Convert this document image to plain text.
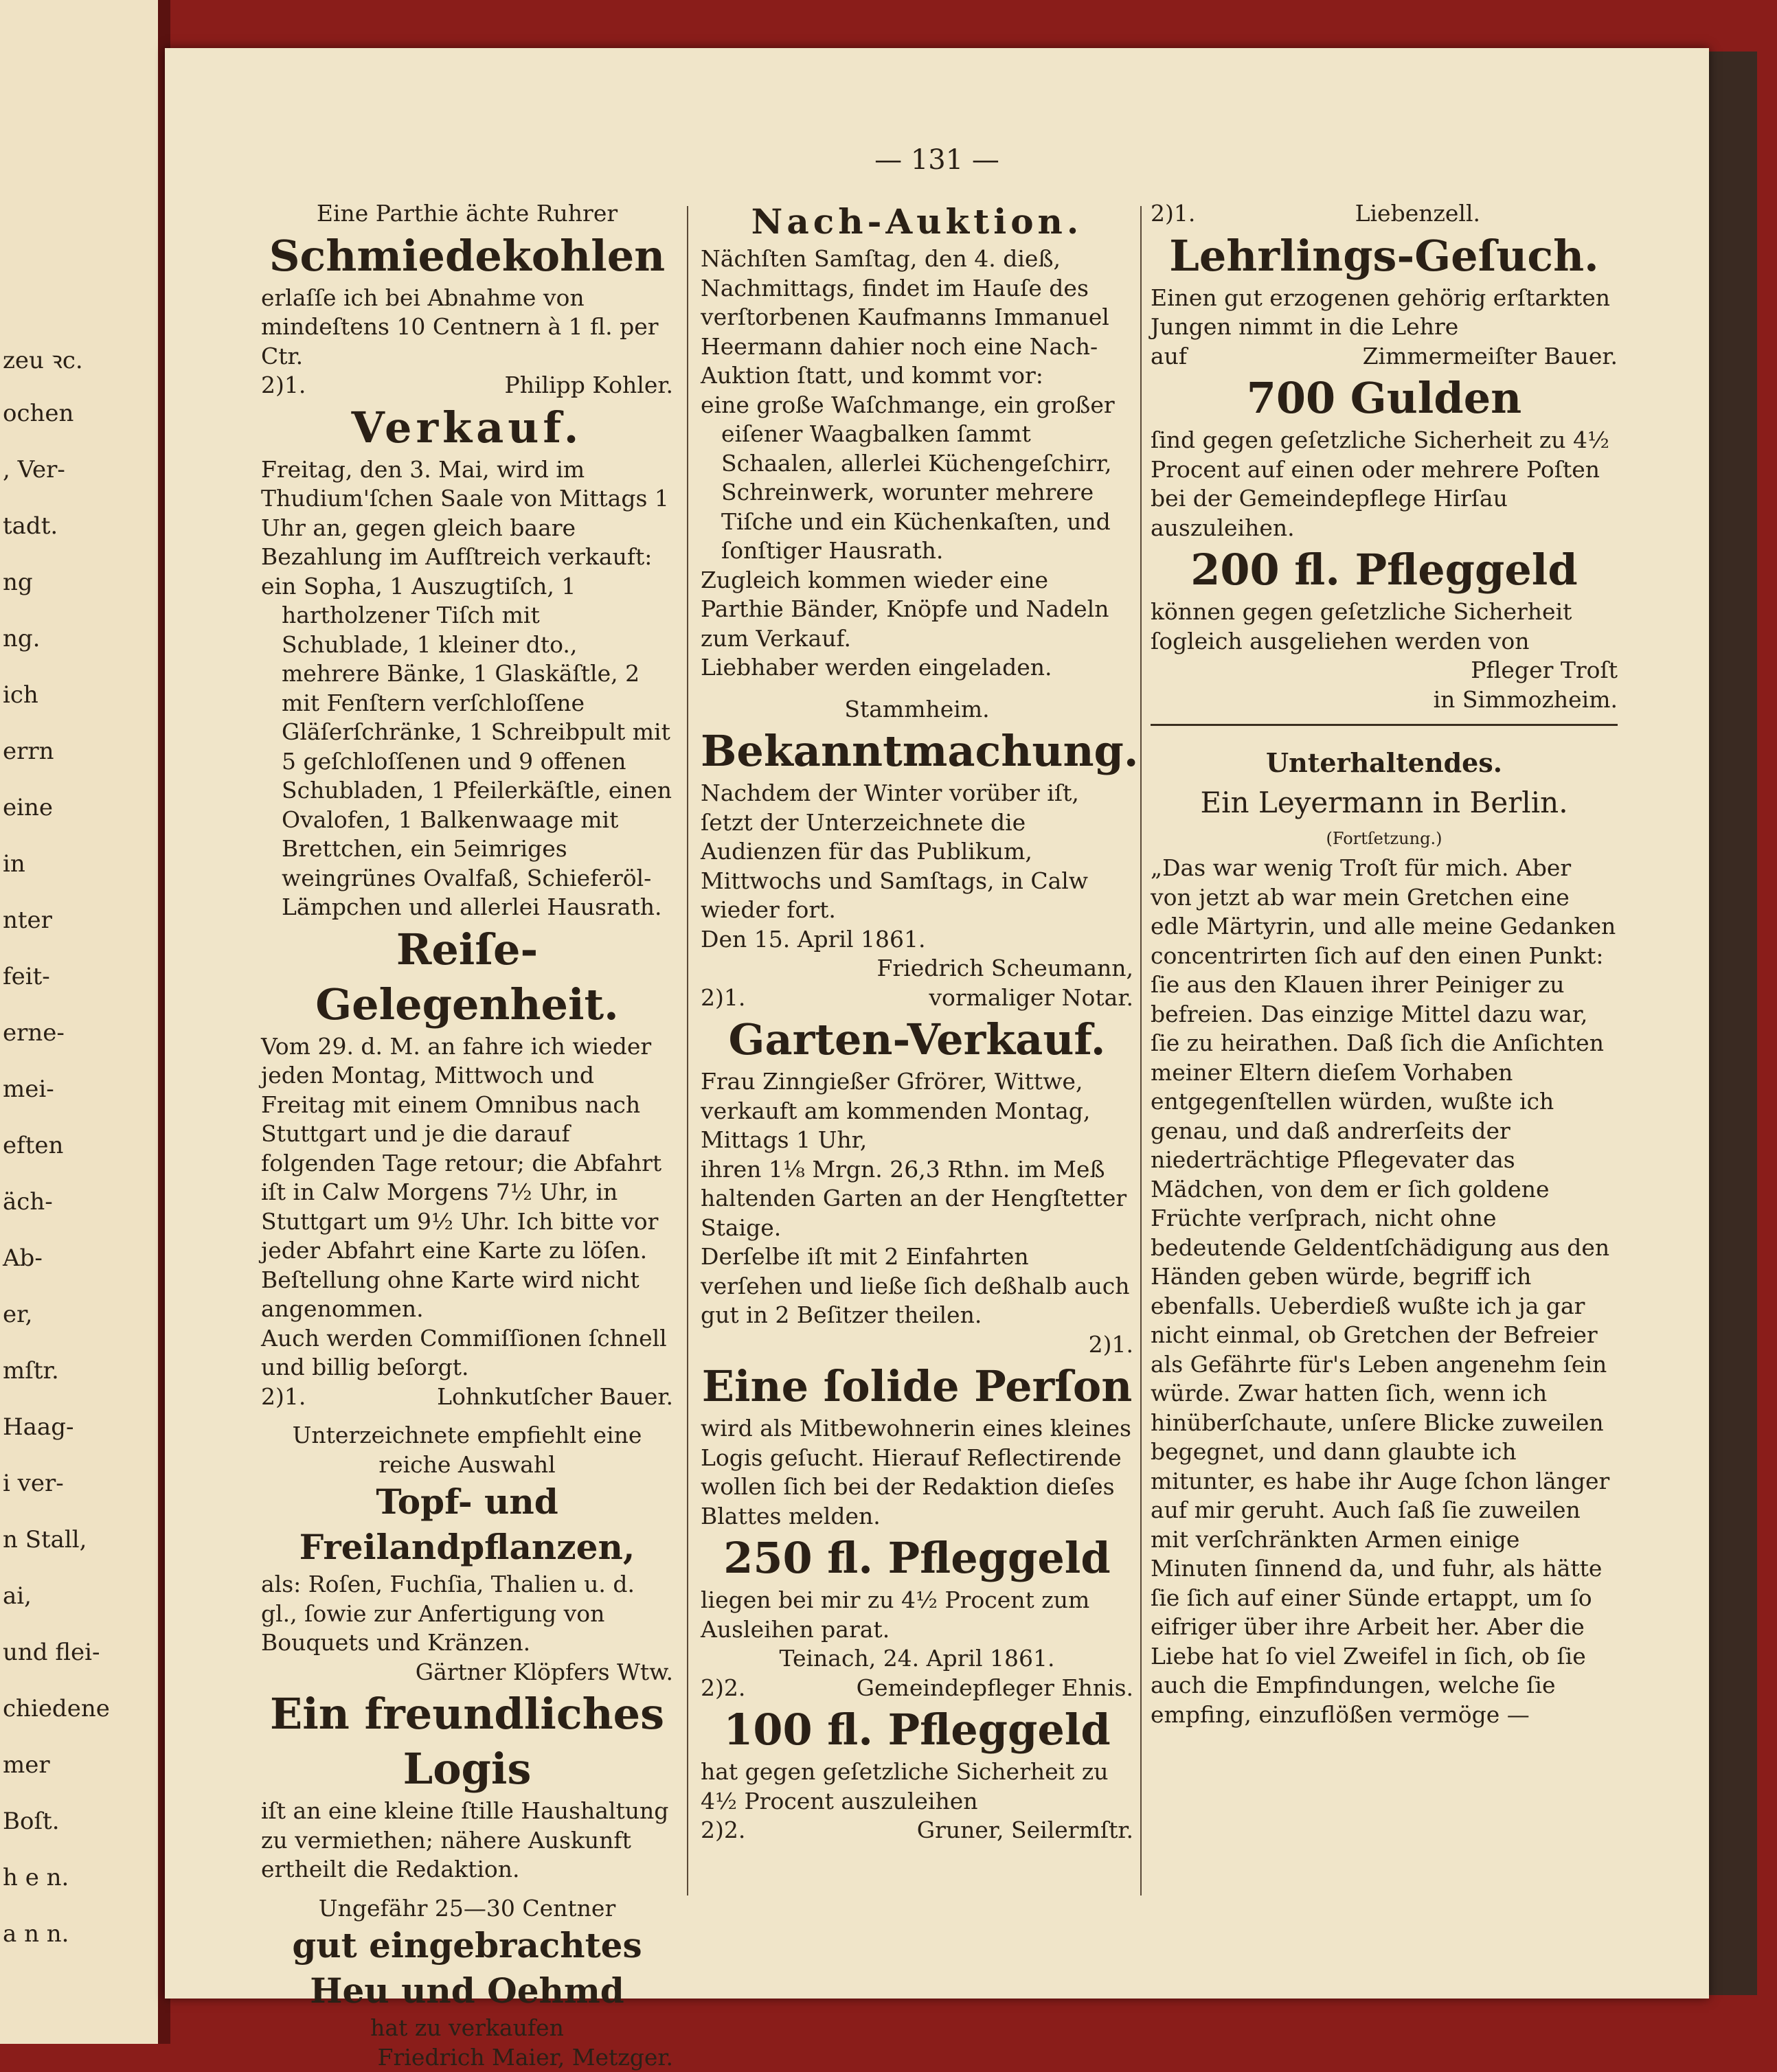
zeu ꝛc.
ochen
, Ver-
tadt.
ng
ng.
ich
errn
eine
in
nter
feit-
erne-
mei-
eften
äch-
Ab-
er,
mſtr.
Haag-
i ver-
n Stall,
ai,
und flei-
chiedene
mer
Boſt.
h e n.
a n n.
— 131 —

Eine Parthie ächte Ruhrer

Schmiedekohlen

erlaſſe ich bei Abnahme von mindeſtens 10 Centnern à 1 fl. per Ctr.

2)1.	Philipp Kohler.

Verkauf.

Freitag, den 3. Mai, wird im Thudium'ſchen Saale von Mittags 1 Uhr an, gegen gleich baare Bezahlung im Aufſtreich verkauft:

ein Sopha, 1 Auszugtiſch, 1 hartholzener Tiſch mit Schublade, 1 kleiner dto., mehrere Bänke, 1 Glaskäſtle, 2 mit Fenſtern verſchloſſene Gläſerſchränke, 1 Schreibpult mit 5 geſchloſſenen und 9 offenen Schubladen, 1 Pfeilerkäſtle, einen Ovalofen, 1 Balkenwaage mit Brettchen, ein 5eimriges weingrünes Ovalfaß, Schieferöl-Lämpchen und allerlei Hausrath.

Reiſe-Gelegenheit.

Vom 29. d. M. an fahre ich wieder jeden Montag, Mittwoch und Freitag mit einem Omnibus nach Stuttgart und je die darauf folgenden Tage retour; die Abfahrt iſt in Calw Morgens 7½ Uhr, in Stuttgart um 9½ Uhr. Ich bitte vor jeder Abfahrt eine Karte zu löſen. Beſtellung ohne Karte wird nicht angenommen.

Auch werden Commiſſionen ſchnell und billig beſorgt.

2)1.	Lohnkutſcher Bauer.

Unterzeichnete empfiehlt eine reiche Auswahl

Topf- und Freilandpflanzen,

als: Roſen, Fuchſia, Thalien u. d. gl., ſowie zur Anfertigung von Bouquets und Kränzen.

Gärtner Klöpfers Wtw.

Ein freundliches Logis

iſt an eine kleine ſtille Haushaltung zu vermiethen; nähere Auskunft ertheilt die Redaktion.

Ungefähr 25—30 Centner

gut eingebrachtes Heu und Oehmd

hat zu verkaufen

Friedrich Maier, Metzger.

Nach-Auktion.

Nächſten Samſtag, den 4. dieß, Nachmittags, findet im Hauſe des verſtorbenen Kaufmanns Immanuel Heermann dahier noch eine Nach-Auktion ſtatt, und kommt vor:

eine große Waſchmange, ein großer eiſener Waagbalken ſammt Schaalen, allerlei Küchengeſchirr, Schreinwerk, worunter mehrere Tiſche und ein Küchenkaſten, und ſonſtiger Hausrath.

Zugleich kommen wieder eine Parthie Bänder, Knöpfe und Nadeln zum Verkauf.

Liebhaber werden eingeladen.

Stammheim.

Bekanntmachung.

Nachdem der Winter vorüber iſt, ſetzt der Unterzeichnete die Audienzen für das Publikum, Mittwochs und Samſtags, in Calw wieder fort.

Den 15. April 1861.

Friedrich Scheumann,

2)1.	vormaliger Notar.

Garten-Verkauf.

Frau Zinngießer Gfrörer, Wittwe, verkauft am kommenden Montag, Mittags 1 Uhr,

ihren 1⅛ Mrgn. 26,3 Rthn. im Meß haltenden Garten an der Hengſtetter Staige.

Derſelbe iſt mit 2 Einfahrten verſehen und ließe ſich deßhalb auch gut in 2 Beſitzer theilen.

2)1.

Eine ſolide Perſon

wird als Mitbewohnerin eines kleines Logis geſucht. Hierauf Reflectirende wollen ſich bei der Redaktion dieſes Blattes melden.

250 fl. Pfleggeld

liegen bei mir zu 4½ Procent zum Ausleihen parat.

Teinach, 24. April 1861.

2)2.	Gemeindepfleger Ehnis.

100 fl. Pfleggeld

hat gegen geſetzliche Sicherheit zu 4½ Procent auszuleihen

2)2.	Gruner, Seilermſtr.
2)1.	Liebenzell.

Lehrlings-Geſuch.

Einen gut erzogenen gehörig erſtarkten Jungen nimmt in die Lehre

auf	Zimmermeiſter Bauer.

700 Gulden

ſind gegen geſetzliche Sicherheit zu 4½ Procent auf einen oder mehrere Poſten bei der Gemeindepflege Hirſau auszuleihen.

200 fl. Pfleggeld

können gegen geſetzliche Sicherheit ſogleich ausgeliehen werden von

Pfleger Troſt

in Simmozheim.

Unterhaltendes.

Ein Leyermann in Berlin.

(Fortſetzung.)

„Das war wenig Troſt für mich. Aber von jetzt ab war mein Gretchen eine edle Märtyrin, und alle meine Gedanken concentrirten ſich auf den einen Punkt: ſie aus den Klauen ihrer Peiniger zu befreien. Das einzige Mittel dazu war, ſie zu heirathen. Daß ſich die Anſichten meiner Eltern dieſem Vorhaben entgegenſtellen würden, wußte ich genau, und daß andrerſeits der niederträchtige Pflegevater das Mädchen, von dem er ſich goldene Früchte verſprach, nicht ohne bedeutende Geldentſchädigung aus den Händen geben würde, begriff ich ebenfalls. Ueberdieß wußte ich ja gar nicht einmal, ob Gretchen der Befreier als Gefährte für's Leben angenehm ſein würde. Zwar hatten ſich, wenn ich hinüberſchaute, unſere Blicke zuweilen begegnet, und dann glaubte ich mitunter, es habe ihr Auge ſchon länger auf mir geruht. Auch ſaß ſie zuweilen mit verſchränkten Armen einige Minuten ſinnend da, und fuhr, als hätte ſie ſich auf einer Sünde ertappt, um ſo eifriger über ihre Arbeit her. Aber die Liebe hat ſo viel Zweifel in ſich, ob ſie auch die Empfindungen, welche ſie empfing, einzuflößen vermöge —
